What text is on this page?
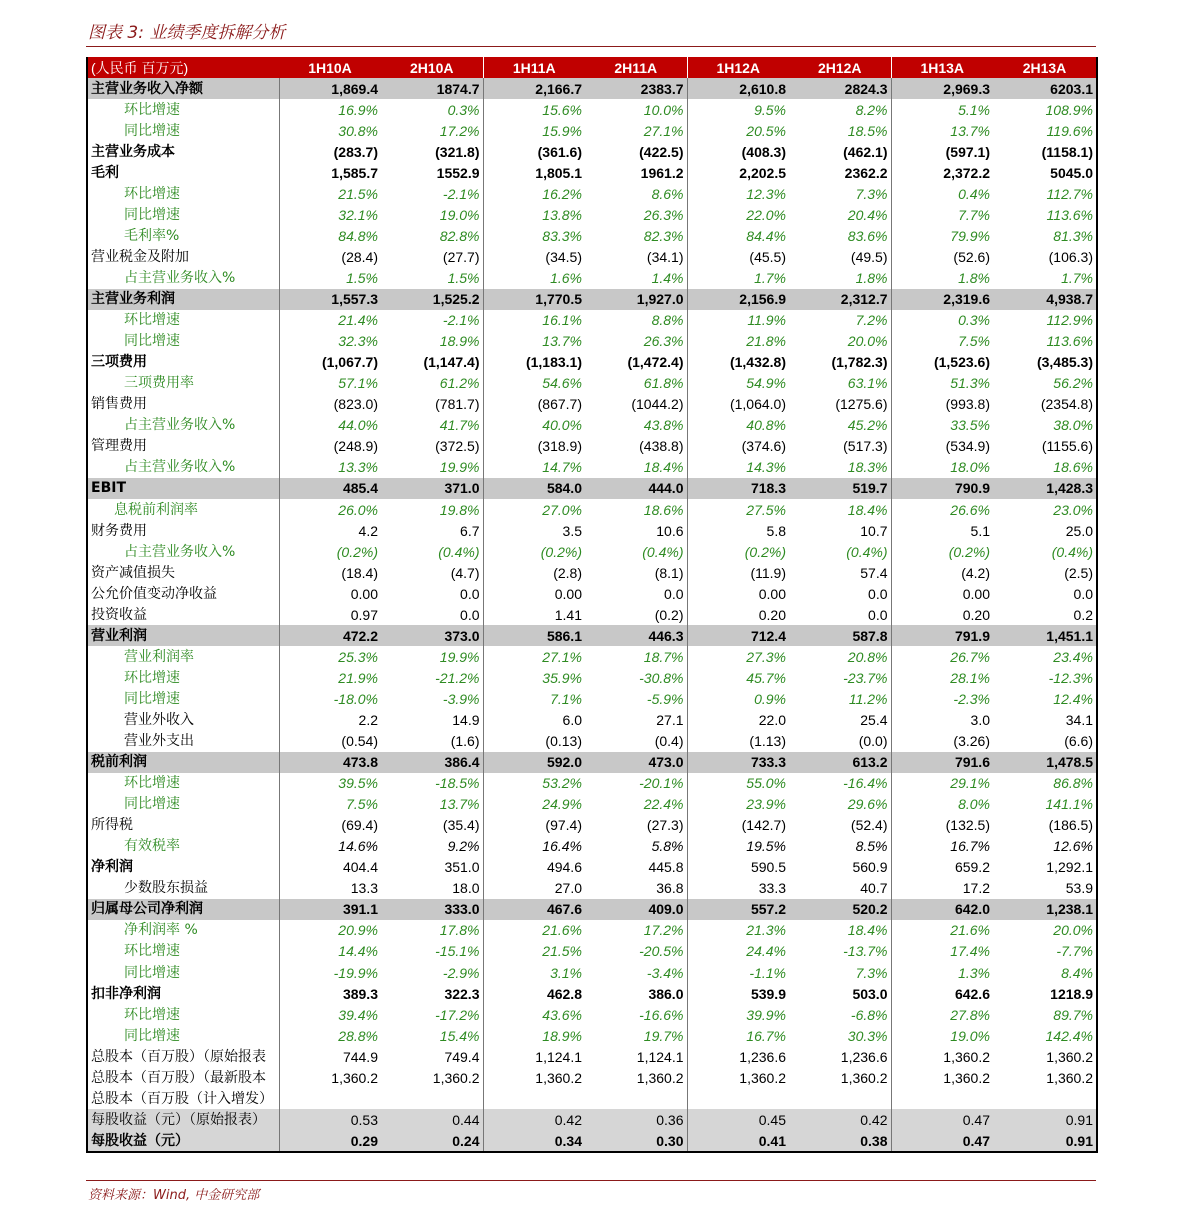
图表 3: 业绩季度拆解分析
(人民币 百万元)	1H10A	2H10A	1H11A	2H11A	1H12A	2H12A	1H13A	2H13A
主营业务收入净额	1,869.4	1874.7	2,166.7	2383.7	2,610.8	2824.3	2,969.3	6203.1
环比增速	16.9%	0.3%	15.6%	10.0%	9.5%	8.2%	5.1%	108.9%
同比增速	30.8%	17.2%	15.9%	27.1%	20.5%	18.5%	13.7%	119.6%
主营业务成本	(283.7)	(321.8)	(361.6)	(422.5)	(408.3)	(462.1)	(597.1)	(1158.1)
毛利	1,585.7	1552.9	1,805.1	1961.2	2,202.5	2362.2	2,372.2	5045.0
环比增速	21.5%	-2.1%	16.2%	8.6%	12.3%	7.3%	0.4%	112.7%
同比增速	32.1%	19.0%	13.8%	26.3%	22.0%	20.4%	7.7%	113.6%
毛利率%	84.8%	82.8%	83.3%	82.3%	84.4%	83.6%	79.9%	81.3%
营业税金及附加	(28.4)	(27.7)	(34.5)	(34.1)	(45.5)	(49.5)	(52.6)	(106.3)
占主营业务收入%	1.5%	1.5%	1.6%	1.4%	1.7%	1.8%	1.8%	1.7%
主营业务利润	1,557.3	1,525.2	1,770.5	1,927.0	2,156.9	2,312.7	2,319.6	4,938.7
环比增速	21.4%	-2.1%	16.1%	8.8%	11.9%	7.2%	0.3%	112.9%
同比增速	32.3%	18.9%	13.7%	26.3%	21.8%	20.0%	7.5%	113.6%
三项费用	(1,067.7)	(1,147.4)	(1,183.1)	(1,472.4)	(1,432.8)	(1,782.3)	(1,523.6)	(3,485.3)
三项费用率	57.1%	61.2%	54.6%	61.8%	54.9%	63.1%	51.3%	56.2%
销售费用	(823.0)	(781.7)	(867.7)	(1044.2)	(1,064.0)	(1275.6)	(993.8)	(2354.8)
占主营业务收入%	44.0%	41.7%	40.0%	43.8%	40.8%	45.2%	33.5%	38.0%
管理费用	(248.9)	(372.5)	(318.9)	(438.8)	(374.6)	(517.3)	(534.9)	(1155.6)
占主营业务收入%	13.3%	19.9%	14.7%	18.4%	14.3%	18.3%	18.0%	18.6%
EBIT	485.4	371.0	584.0	444.0	718.3	519.7	790.9	1,428.3
息税前利润率	26.0%	19.8%	27.0%	18.6%	27.5%	18.4%	26.6%	23.0%
财务费用	4.2	6.7	3.5	10.6	5.8	10.7	5.1	25.0
占主营业务收入%	(0.2%)	(0.4%)	(0.2%)	(0.4%)	(0.2%)	(0.4%)	(0.2%)	(0.4%)
资产减值损失	(18.4)	(4.7)	(2.8)	(8.1)	(11.9)	57.4	(4.2)	(2.5)
公允价值变动净收益	0.00	0.0	0.00	0.0	0.00	0.0	0.00	0.0
投资收益	0.97	0.0	1.41	(0.2)	0.20	0.0	0.20	0.2
营业利润	472.2	373.0	586.1	446.3	712.4	587.8	791.9	1,451.1
营业利润率	25.3%	19.9%	27.1%	18.7%	27.3%	20.8%	26.7%	23.4%
环比增速	21.9%	-21.2%	35.9%	-30.8%	45.7%	-23.7%	28.1%	-12.3%
同比增速	-18.0%	-3.9%	7.1%	-5.9%	0.9%	11.2%	-2.3%	12.4%
营业外收入	2.2	14.9	6.0	27.1	22.0	25.4	3.0	34.1
营业外支出	(0.54)	(1.6)	(0.13)	(0.4)	(1.13)	(0.0)	(3.26)	(6.6)
税前利润	473.8	386.4	592.0	473.0	733.3	613.2	791.6	1,478.5
环比增速	39.5%	-18.5%	53.2%	-20.1%	55.0%	-16.4%	29.1%	86.8%
同比增速	7.5%	13.7%	24.9%	22.4%	23.9%	29.6%	8.0%	141.1%
所得税	(69.4)	(35.4)	(97.4)	(27.3)	(142.7)	(52.4)	(132.5)	(186.5)
有效税率	14.6%	9.2%	16.4%	5.8%	19.5%	8.5%	16.7%	12.6%
净利润	404.4	351.0	494.6	445.8	590.5	560.9	659.2	1,292.1
少数股东损益	13.3	18.0	27.0	36.8	33.3	40.7	17.2	53.9
归属母公司净利润	391.1	333.0	467.6	409.0	557.2	520.2	642.0	1,238.1
净利润率 %	20.9%	17.8%	21.6%	17.2%	21.3%	18.4%	21.6%	20.0%
环比增速	14.4%	-15.1%	21.5%	-20.5%	24.4%	-13.7%	17.4%	-7.7%
同比增速	-19.9%	-2.9%	3.1%	-3.4%	-1.1%	7.3%	1.3%	8.4%
扣非净利润	389.3	322.3	462.8	386.0	539.9	503.0	642.6	1218.9
环比增速	39.4%	-17.2%	43.6%	-16.6%	39.9%	-6.8%	27.8%	89.7%
同比增速	28.8%	15.4%	18.9%	19.7%	16.7%	30.3%	19.0%	142.4%
总股本（百万股）（原始报表	744.9	749.4	1,124.1	1,124.1	1,236.6	1,236.6	1,360.2	1,360.2
总股本（百万股）（最新股本	1,360.2	1,360.2	1,360.2	1,360.2	1,360.2	1,360.2	1,360.2	1,360.2
总股本（百万股（计入增发）								
每股收益（元）（原始报表）	0.53	0.44	0.42	0.36	0.45	0.42	0.47	0.91
每股收益（元）	0.29	0.24	0.34	0.30	0.41	0.38	0.47	0.91
资料来源：Wind, 中金研究部
